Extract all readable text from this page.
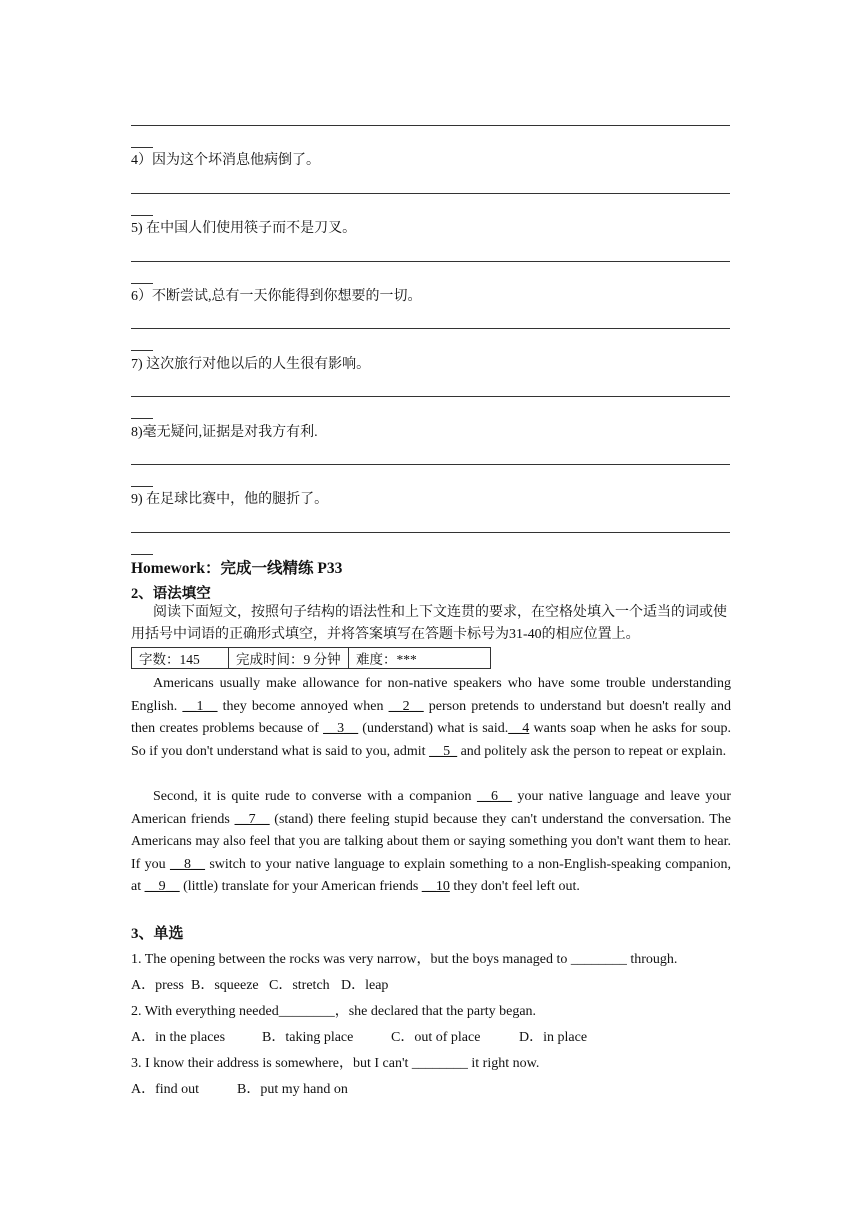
4）因为这个坏消息他病倒了。
5) 在中国人们使用筷子而不是刀叉。
6）不断尝试,总有一天你能得到你想要的一切。
7) 这次旅行对他以后的人生很有影响。
8)毫无疑问,证据是对我方有利.
9) 在足球比赛中，他的腿折了。
Homework：完成一线精练 P33
2、语法填空
阅读下面短文，按照句子结构的语法性和上下文连贯的要求，在空格处填入一个适当的词或使用括号中词语的正确形式填空，并将答案填写在答题卡标号为31-40的相应位置上。
字数：145	完成时间：9 分钟	难度：***
Americans usually make allowance for non-native speakers who have some trouble understanding English. __1__ they become annoyed when __2__ person pretends to understand but doesn't really and then creates problems because of __3__ (understand) what is said.__4 wants soap when he asks for soup. So if you don't understand what is said to you, admit __5_ and politely ask the person to repeat or explain.
Second, it is quite rude to converse with a companion __6__ your native language and leave your American friends __7__ (stand) there feeling stupid because they can't understand the conversation. The Americans may also feel that you are talking about them or saying something you don't want them to hear. If you __8__ switch to your native language to explain something to a non-English-speaking companion, at __9__ (little) translate for your American friends __10 they don't feel left out.
3、单选
1. The opening between the rocks was very narrow，but the boys managed to ________ through.
A．press B．squeeze C．stretch D．leap
2. With everything needed________，she declared that the party began.
A．in the places	B．taking place	C．out of place	D．in place
3. I know their address is somewhere，but I can't ________ it right now.
A．find out	B．put my hand on
